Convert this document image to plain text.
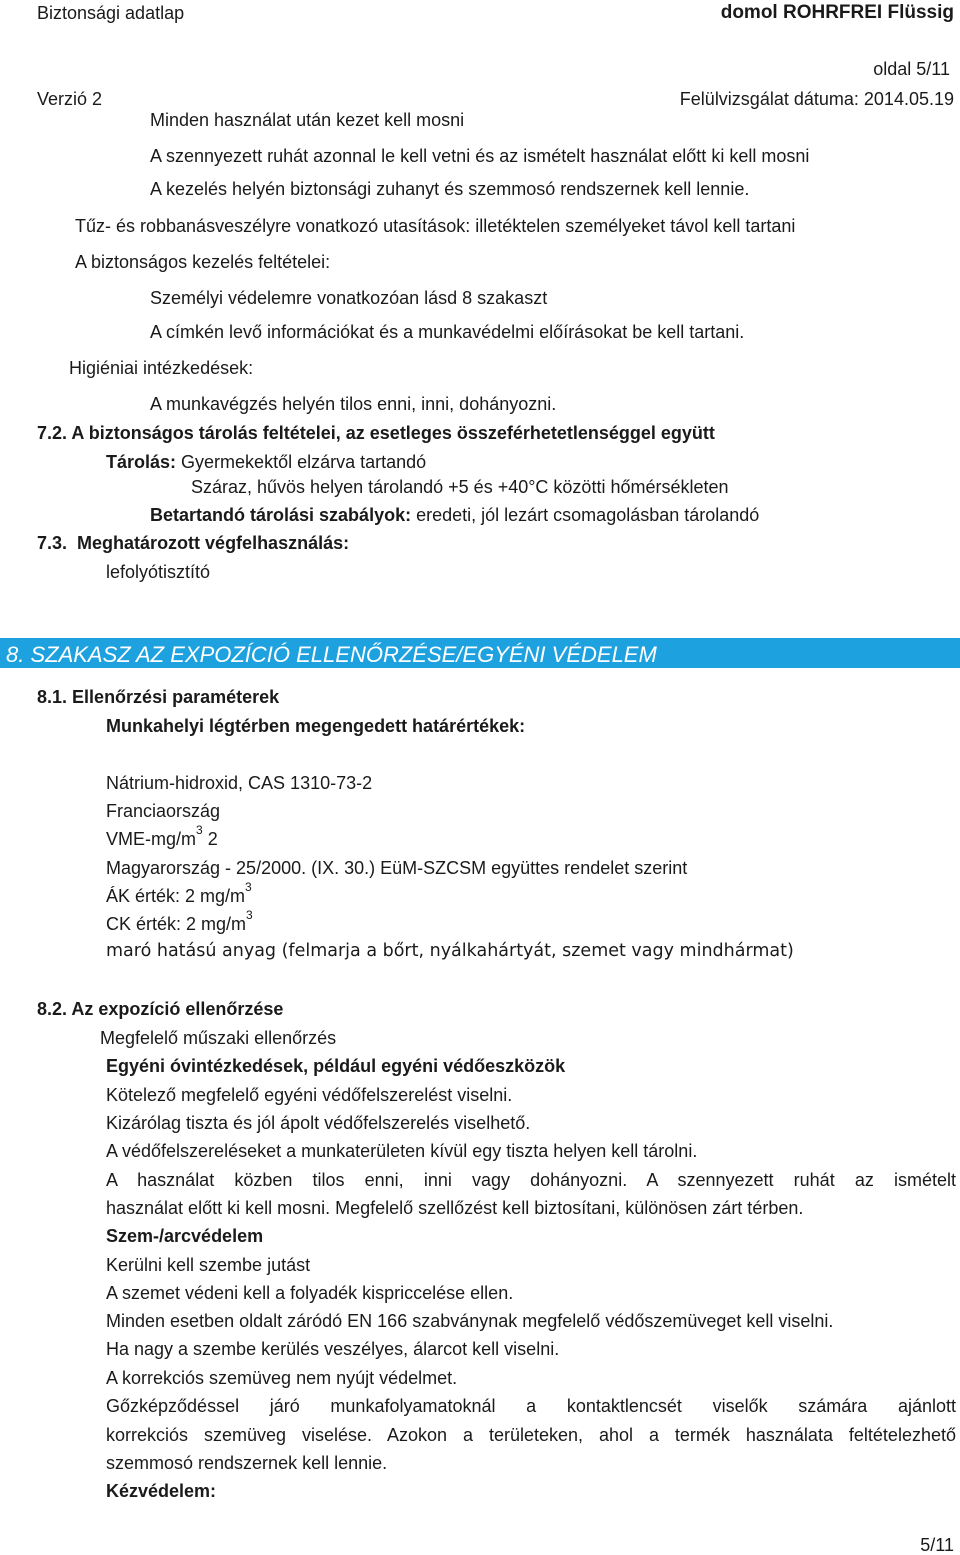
Biztonsági adatlap	domol ROHRFREI Flüssig
oldal 5/11
Verzió 2	Felülvizsgálat dátuma: 2014.05.19
Minden használat után kezet kell mosni
A szennyezett ruhát azonnal le kell vetni és az ismételt használat előtt ki kell mosni
A kezelés helyén biztonsági zuhanyt és szemmosó rendszernek kell lennie.
Tűz- és robbanásveszélyre vonatkozó utasítások: illetéktelen személyeket távol kell tartani
A biztonságos kezelés feltételei:
Személyi védelemre vonatkozóan lásd 8 szakaszt
A címkén levő információkat és a munkavédelmi előírásokat be kell tartani.
Higiéniai intézkedések:
A munkavégzés helyén tilos enni, inni, dohányozni.
7.2. A biztonságos tárolás feltételei, az esetleges összeférhetetlenséggel együtt
Tárolás: Gyermekektől elzárva tartandó
Száraz, hűvös helyen tárolandó +5 és +40°C közötti hőmérsékleten
Betartandó tárolási szabályok: eredeti, jól lezárt csomagolásban tárolandó
7.3. Meghatározott végfelhasználás:
lefolyótisztító
8. SZAKASZ AZ EXPOZÍCIÓ ELLENŐRZÉSE/EGYÉNI VÉDELEM
8.1. Ellenőrzési paraméterek
Munkahelyi légtérben megengedett határértékek:
Nátrium-hidroxid, CAS 1310-73-2
Franciaország
VME-$mg/m^3$ 2
Magyarország - 25/2000. (IX. 30.) EüM-SZCSM együttes rendelet szerint
ÁK érték: 2 $mg/m^3$
CK érték: 2 $mg/m^3$
maró hatású anyag (felmarja a bőrt, nyálkahártyát, szemet vagy mindhármat)
8.2. Az expozíció ellenőrzése
Megfelelő műszaki ellenőrzés
Egyéni óvintézkedések, például egyéni védőeszközök
Kötelező megfelelő egyéni védőfelszerelést viselni.
Kizárólag tiszta és jól ápolt védőfelszerelés viselhető.
A védőfelszereléseket a munkaterületen kívül egy tiszta helyen kell tárolni.
A használat közben tilos enni, inni vagy dohányozni. A szennyezett ruhát az ismételt
használat előtt ki kell mosni. Megfelelő szellőzést kell biztosítani, különösen zárt térben.
Szem-/arcvédelem
Kerülni kell szembe jutást
A szemet védeni kell a folyadék kispriccelése ellen.
Minden esetben oldalt záródó EN 166 szabványnak megfelelő védőszemüveget kell viselni.
Ha nagy a szembe kerülés veszélyes, álarcot kell viselni.
A korrekciós szemüveg nem nyújt védelmet.
Gőzképződéssel járó munkafolyamatoknál a kontaktlencsét viselők számára ajánlott
korrekciós szemüveg viselése. Azokon a területeken, ahol a termék használata feltételezhető
szemmosó rendszernek kell lennie.
Kézvédelem:
5/11
